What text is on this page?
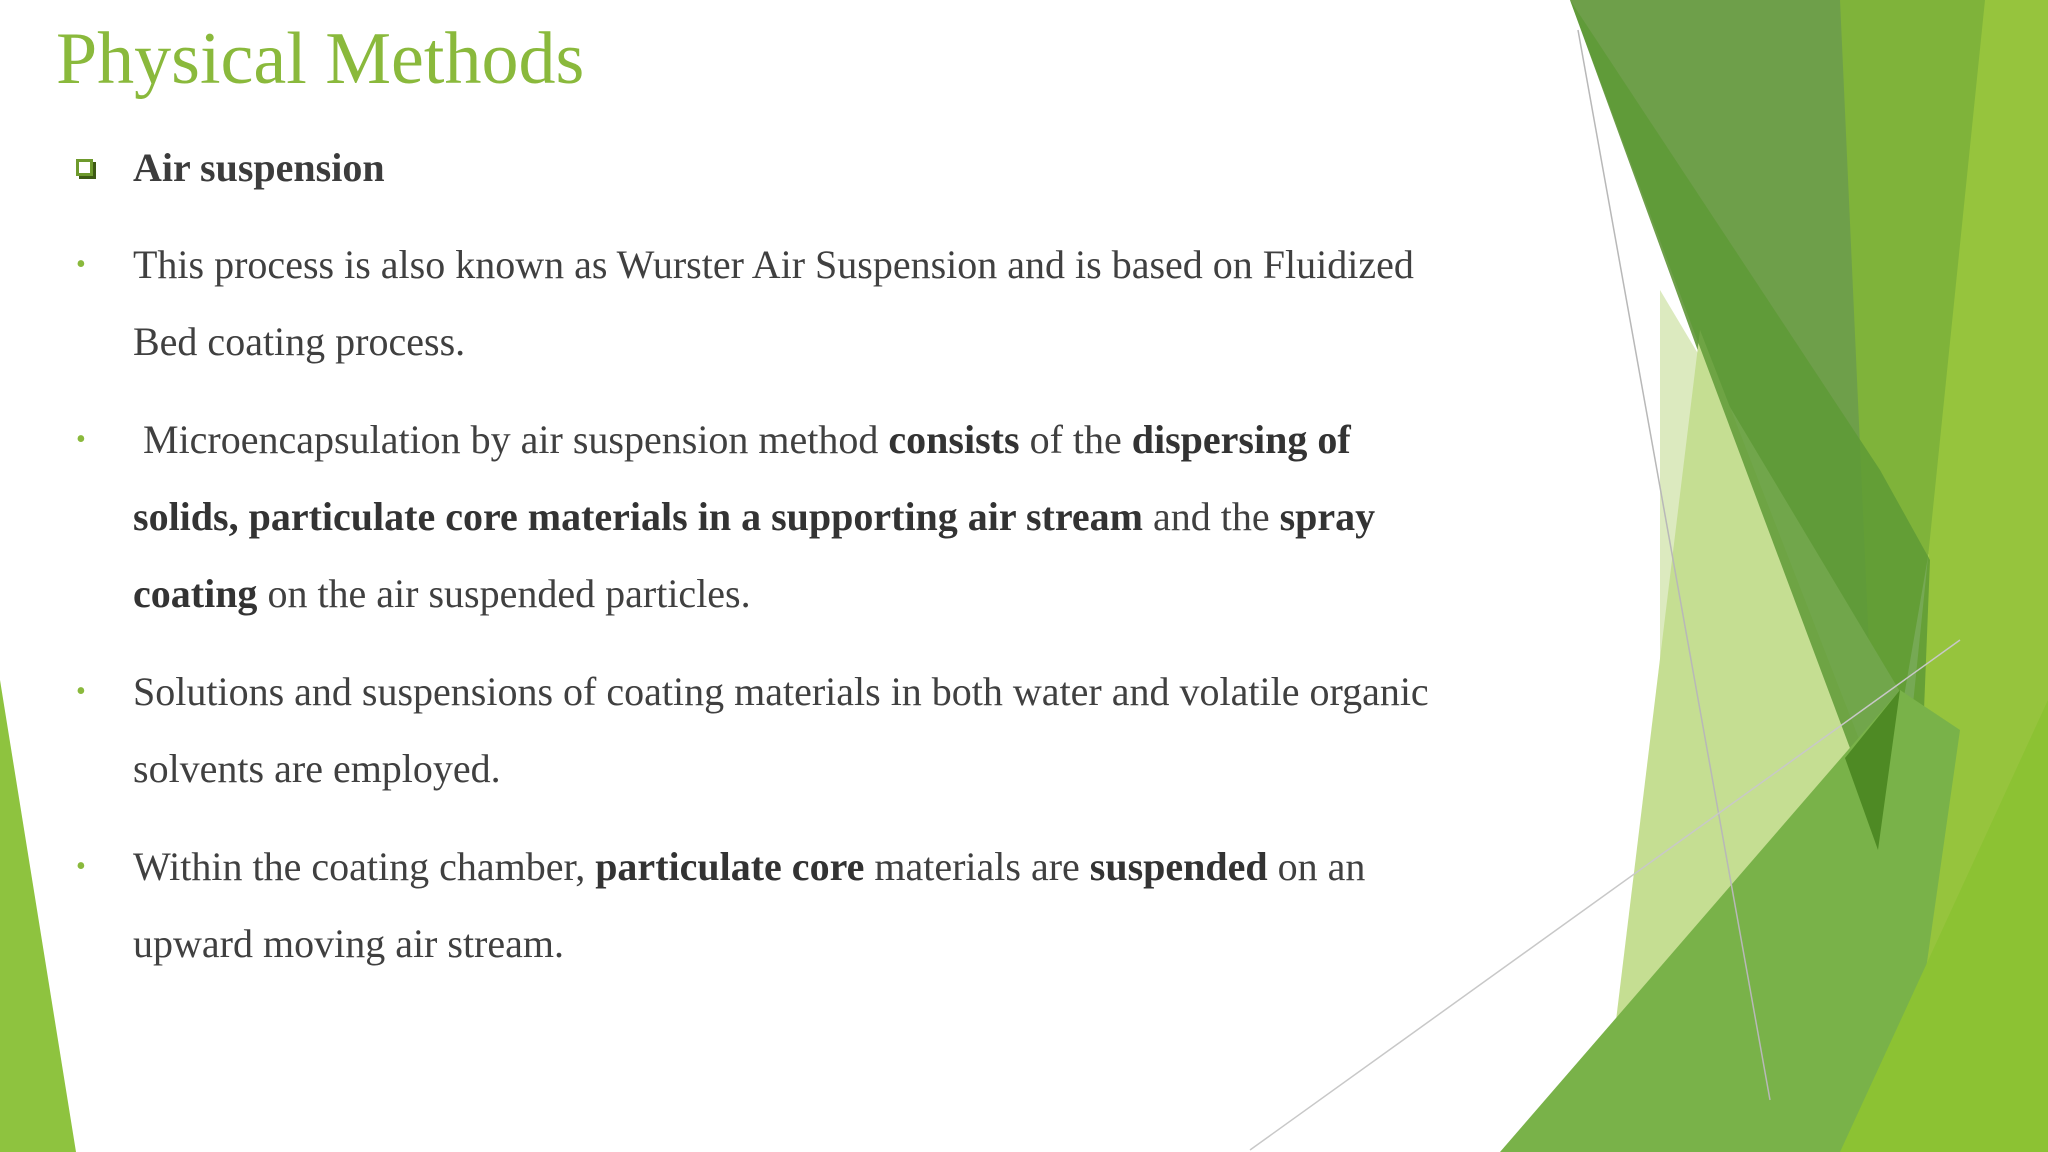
Physical Methods
Air suspension
• This process is also known as Wurster Air Suspension and is based on Fluidized
Bed coating process.
• Microencapsulation by air suspension method consists of the dispersing of
solids, particulate core materials in a supporting air stream and the spray
coating on the air suspended particles.
• Solutions and suspensions of coating materials in both water and volatile organic
solvents are employed.
• Within the coating chamber, particulate core materials are suspended on an
upward moving air stream.
